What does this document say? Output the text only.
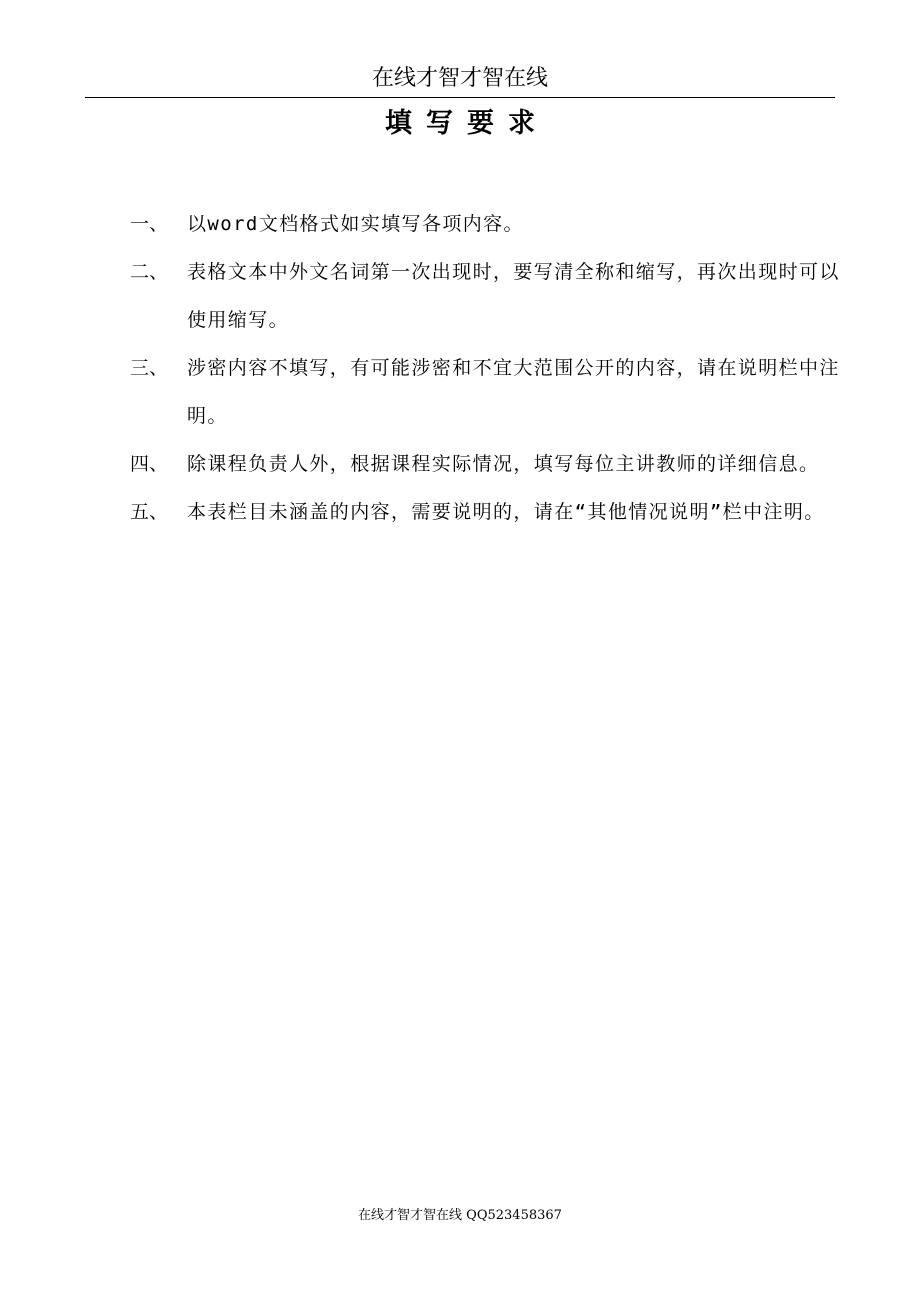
在线才智才智在线
填写要求
一、 以word文档格式如实填写各项内容。
二、 表格文本中外文名词第一次出现时，要写清全称和缩写，再次出现时可以使用缩写。
三、 涉密内容不填写，有可能涉密和不宜大范围公开的内容，请在说明栏中注明。
四、 除课程负责人外，根据课程实际情况，填写每位主讲教师的详细信息。
五、 本表栏目未涵盖的内容，需要说明的，请在“其他情况说明”栏中注明。
在线才智才智在线 QQ523458367
